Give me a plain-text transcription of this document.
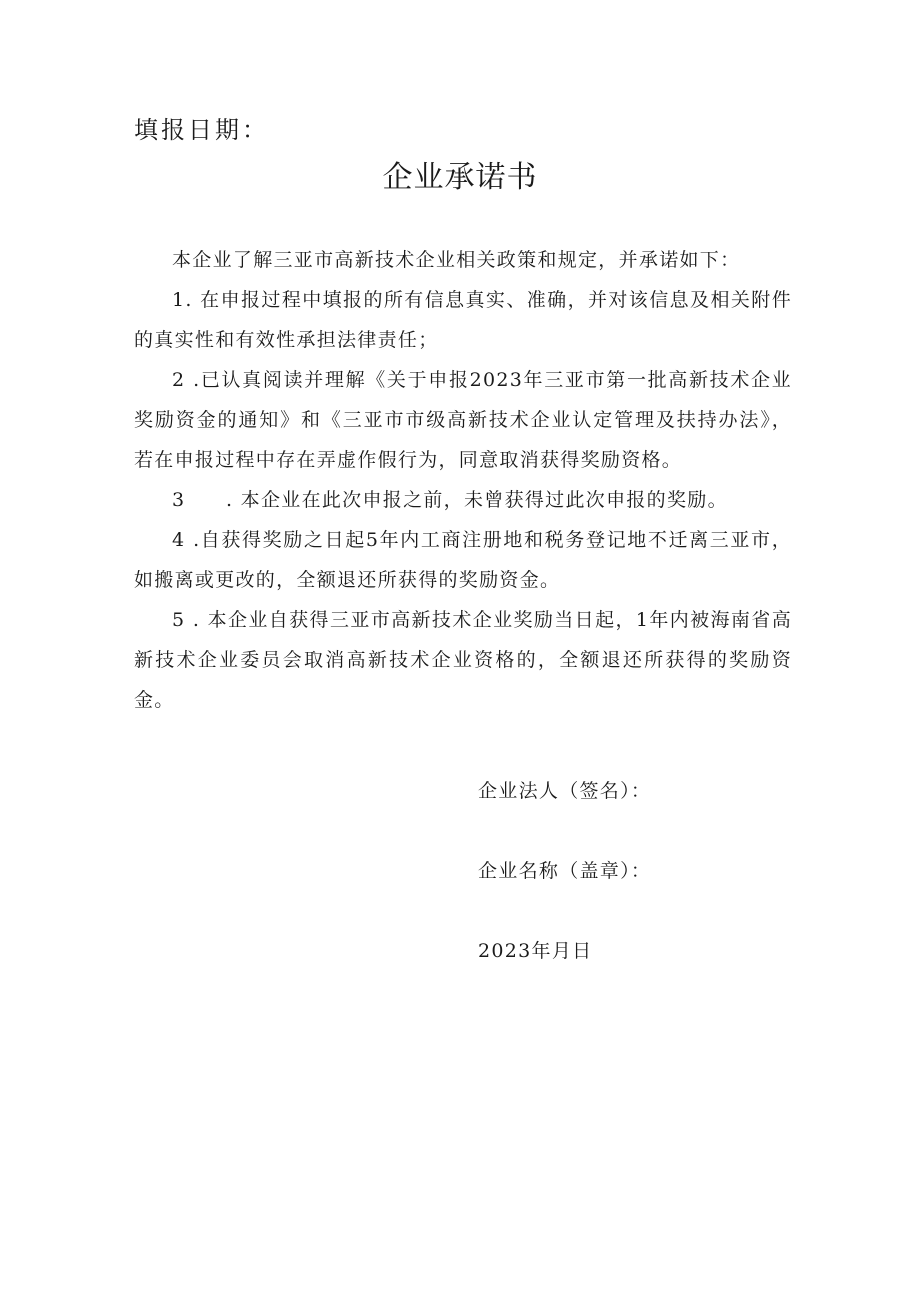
填报日期：
企业承诺书

本企业了解三亚市高新技术企业相关政策和规定，并承诺如下：

1. 在申报过程中填报的所有信息真实、准确，并对该信息及相关附件的真实性和有效性承担法律责任；

2 .已认真阅读并理解《关于申报2023年三亚市第一批高新技术企业奖励资金的通知》和《三亚市市级高新技术企业认定管理及扶持办法》，若在申报过程中存在弄虚作假行为，同意取消获得奖励资格。

3　　. 本企业在此次申报之前，未曾获得过此次申报的奖励。

4 .自获得奖励之日起5年内工商注册地和税务登记地不迁离三亚市，如搬离或更改的，全额退还所获得的奖励资金。

5 . 本企业自获得三亚市高新技术企业奖励当日起，1年内被海南省高新技术企业委员会取消高新技术企业资格的，全额退还所获得的奖励资金。

企业法人（签名）：
企业名称（盖章）：
2023年月日
